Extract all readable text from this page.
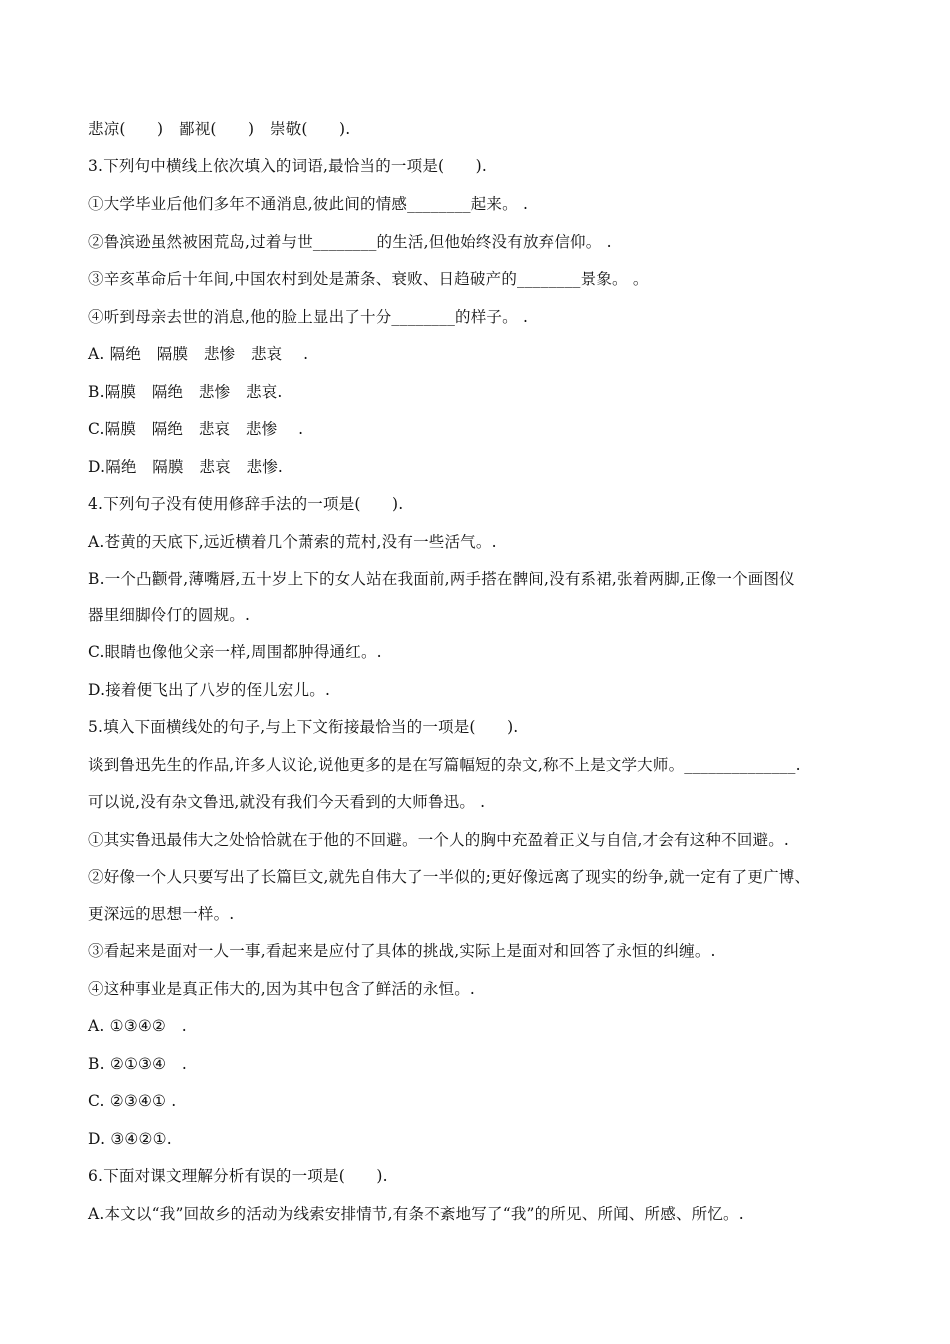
悲凉(　　)　鄙视(　　)　崇敬(　　).
3.下列句中横线上依次填入的词语,最恰当的一项是(　　).
①大学毕业后他们多年不通消息,彼此间的情感________起来。 .
②鲁滨逊虽然被困荒岛,过着与世________的生活,但他始终没有放弃信仰。 .
③辛亥革命后十年间,中国农村到处是萧条、衰败、日趋破产的________景象。 。
④听到母亲去世的消息,他的脸上显出了十分________的样子。 .
A. 隔绝　隔膜　悲惨　悲哀　 .
B.隔膜　隔绝　悲惨　悲哀.
C.隔膜　隔绝　悲哀　悲惨　 .
D.隔绝　隔膜　悲哀　悲惨.
4.下列句子没有使用修辞手法的一项是(　　).
A.苍黄的天底下,远近横着几个萧索的荒村,没有一些活气。.
B.一个凸颧骨,薄嘴唇,五十岁上下的女人站在我面前,两手搭在髀间,没有系裙,张着两脚,正像一个画图仪
器里细脚伶仃的圆规。.
C.眼睛也像他父亲一样,周围都肿得通红。.
D.接着便飞出了八岁的侄儿宏儿。.
5.填入下面横线处的句子,与上下文衔接最恰当的一项是(　　).
谈到鲁迅先生的作品,许多人议论,说他更多的是在写篇幅短的杂文,称不上是文学大师。______________.
可以说,没有杂文鲁迅,就没有我们今天看到的大师鲁迅。 .
①其实鲁迅最伟大之处恰恰就在于他的不回避。一个人的胸中充盈着正义与自信,才会有这种不回避。.
②好像一个人只要写出了长篇巨文,就先自伟大了一半似的;更好像远离了现实的纷争,就一定有了更广博、
更深远的思想一样。.
③看起来是面对一人一事,看起来是应付了具体的挑战,实际上是面对和回答了永恒的纠缠。.
④这种事业是真正伟大的,因为其中包含了鲜活的永恒。.
A. ①③④②　.
B. ②①③④　.
C. ②③④① .
D. ③④②①.
6.下面对课文理解分析有误的一项是(　　).
A.本文以“我”回故乡的活动为线索安排情节,有条不紊地写了“我”的所见、所闻、所感、所忆。.
